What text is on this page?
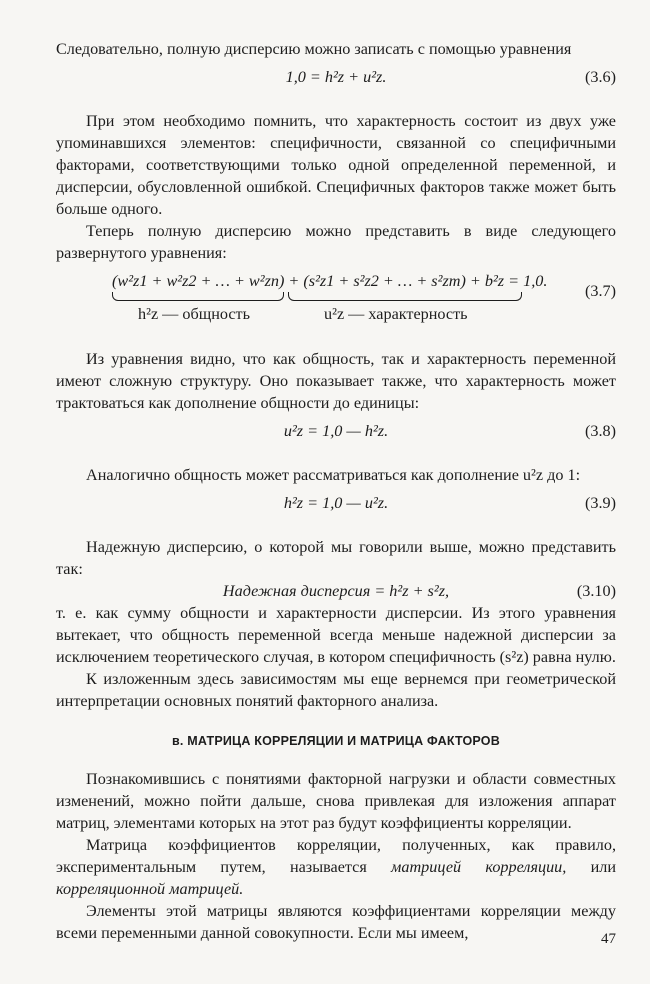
Следовательно, полную дисперсию можно записать с помощью уравнения

1,0 = h²z + u²z.	(3.6)

При этом необходимо помнить, что характерность состоит из двух уже упоминавшихся элементов: специфичности, связанной со специфичными факторами, соответствующими только одной определенной переменной, и дисперсии, обусловленной ошибкой. Специфичных факторов также может быть больше одного.

Теперь полную дисперсию можно представить в виде следующего развернутого уравнения:

(w²z1 + w²z2 + … + w²zn) + (s²z1 + s²z2 + … + s²zm) + b²z = 1,0.
h²z — общность	u²z — характерность
(3.7)

Из уравнения видно, что как общность, так и характерность переменной имеют сложную структуру. Оно показывает также, что характерность может трактоваться как дополнение общности до единицы:

u²z = 1,0 — h²z.	(3.8)

Аналогично общность может рассматриваться как дополнение u²z до 1:

h²z = 1,0 — u²z.	(3.9)

Надежную дисперсию, о которой мы говорили выше, можно представить так:

Надежная дисперсия = h²z + s²z,	(3.10)

т. е. как сумму общности и характерности дисперсии. Из этого уравнения вытекает, что общность переменной всегда меньше надежной дисперсии за исключением теоретического случая, в котором специфичность (s²z) равна нулю.

К изложенным здесь зависимостям мы еще вернемся при геометрической интерпретации основных понятий факторного анализа.

в. МАТРИЦА КОРРЕЛЯЦИИ И МАТРИЦА ФАКТОРОВ

Познакомившись с понятиями факторной нагрузки и области совместных изменений, можно пойти дальше, снова привлекая для изложения аппарат матриц, элементами которых на этот раз будут коэффициенты корреляции.

Матрица коэффициентов корреляции, полученных, как правило, экспериментальным путем, называется матрицей корреляции, или корреляционной матрицей.

Элементы этой матрицы являются коэффициентами корреляции между всеми переменными данной совокупности. Если мы имеем,	47
